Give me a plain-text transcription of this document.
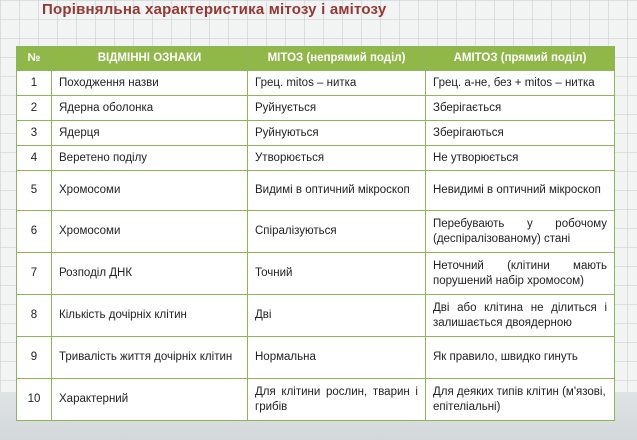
Порівняльна характеристика мітозу і амітозу
№	ВІДМІННІ ОЗНАКИ	МІТОЗ (непрямий поділ)	АМІТОЗ (прямий поділ)
1	Походження назви	Грец. mitos – нитка	Грец. а-не, без + mitos – нитка
2	Ядерна оболонка	Руйнується	Зберігається
3	Ядерця	Руйнуються	Зберігаються
4	Веретено поділу	Утворюється	Не утворюється
5	Хромосоми	Видимі в оптичний мікроскоп	Невидимі в оптичний мікроскоп
6	Хромосоми	Спіралізуються	Перебувають у робочому (деспіралізованому) стані
7	Розподіл ДНК	Точний	Неточний (клітини мають порушений набір хромосом)
8	Кількість дочірніх клітин	Дві	Дві або клітина не ділиться і залишається двоядерною
9	Тривалість життя дочірніх клітин	Нормальна	Як правило, швидко гинуть
10	Характерний	Для клітини рослин, тварин і грибів	Для деяких типів клітин (м'язові, епітеліальні)
